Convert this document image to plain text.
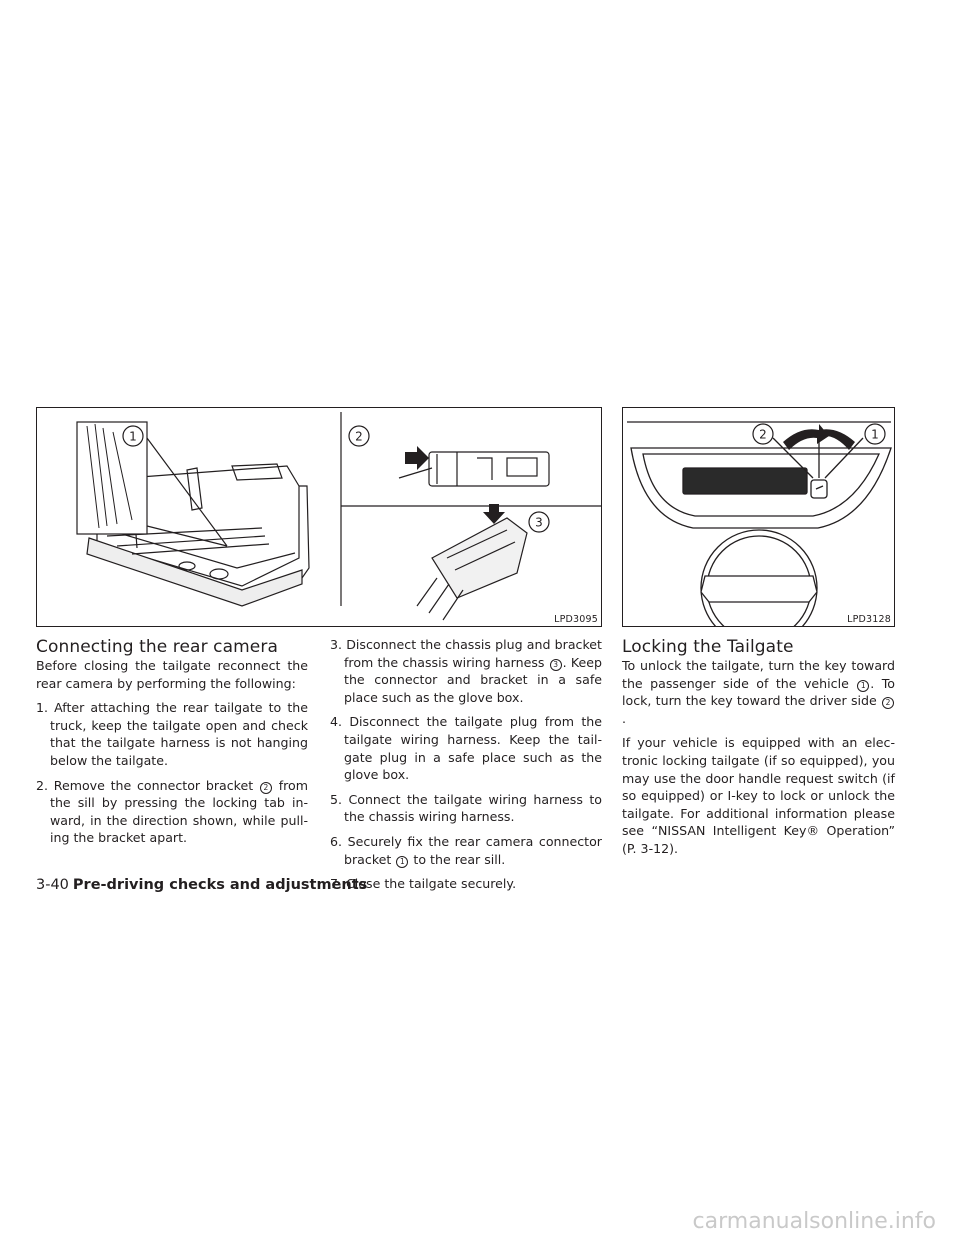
1	2
3
LPD3095
2	1
LPD3128
Connecting the rear camera

Before closing the tailgate reconnect the rear camera by performing the following:

1. After attaching the rear tailgate to the truck, keep the tailgate open and check that the tailgate harness is not hanging below the tailgate.

2. Remove the connector bracket 2 from the sill by pressing the locking tab in-ward, in the direction shown, while pull-ing the bracket apart.

3. Disconnect the chassis plug and bracket from the chassis wiring harness 3 . Keep the connector and bracket in a safe place such as the glove box.

4. Disconnect the tailgate plug from the tailgate wiring harness. Keep the tail-gate plug in a safe place such as the glove box.

5. Connect the tailgate wiring harness to the chassis wiring harness.

6. Securely fix the rear camera connector bracket 1 to the rear sill.

7. Close the tailgate securely.

Locking the Tailgate

To unlock the tailgate, turn the key toward the passenger side of the vehicle 1 . To lock, turn the key toward the driver side 2.

If your vehicle is equipped with an elec-tronic locking tailgate (if so equipped), you may use the door handle request switch (if so equipped) or I-key to lock or unlock the tailgate. For additional information please see “NISSAN Intelligent Key® Operation” (P. 3-12).

3-40 Pre-driving checks and adjustments
carmanualsonline.info
